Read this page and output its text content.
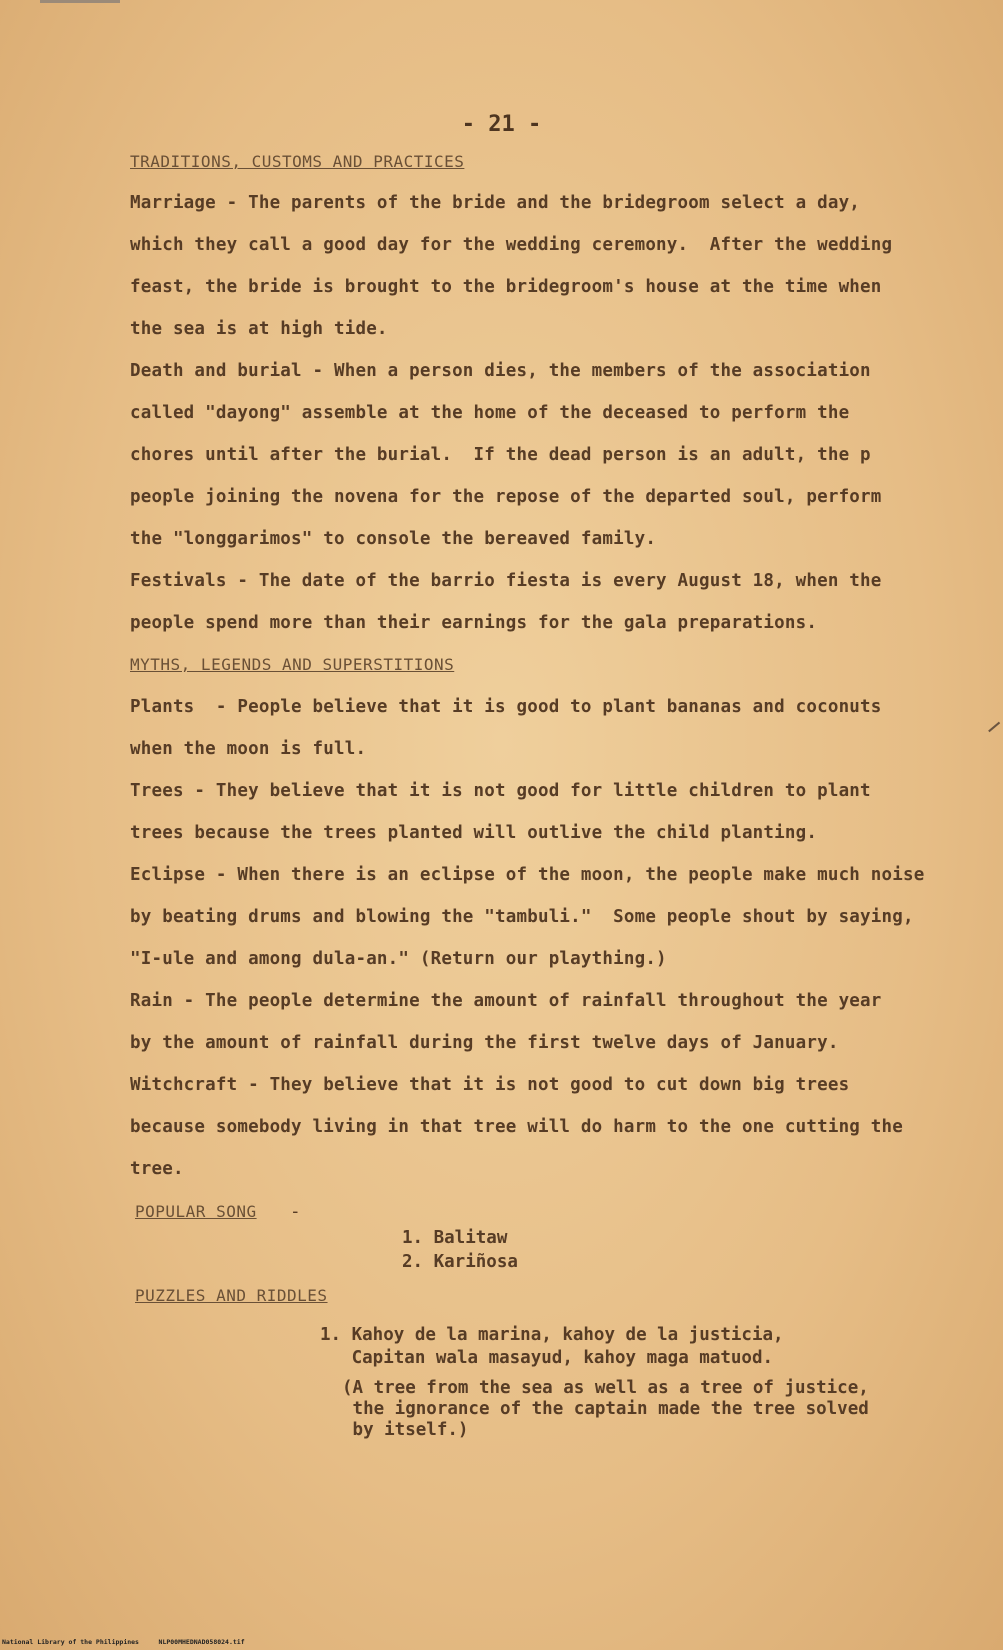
- 21 -
TRADITIONS, CUSTOMS AND PRACTICES
Marriage - The parents of the bride and the bridegroom select a day,
which they call a good day for the wedding ceremony.  After the wedding
feast, the bride is brought to the bridegroom's house at the time when
the sea is at high tide.
Death and burial - When a person dies, the members of the association
called "dayong" assemble at the home of the deceased to perform the
chores until after the burial.  If the dead person is an adult, the p
people joining the novena for the repose of the departed soul, perform
the "longgarimos" to console the bereaved family.
Festivals - The date of the barrio fiesta is every August 18, when the
people spend more than their earnings for the gala preparations.
MYTHS, LEGENDS AND SUPERSTITIONS
Plants  - People believe that it is good to plant bananas and coconuts
when the moon is full.
Trees - They believe that it is not good for little children to plant
trees because the trees planted will outlive the child planting.
Eclipse - When there is an eclipse of the moon, the people make much noise
by beating drums and blowing the "tambuli."  Some people shout by saying,
"I-ule and among dula-an." (Return our plaything.)
Rain - The people determine the amount of rainfall throughout the year
by the amount of rainfall during the first twelve days of January.
Witchcraft - They believe that it is not good to cut down big trees
because somebody living in that tree will do harm to the one cutting the
tree.
POPULAR SONG -
1. Balitaw
2. Kariñosa
PUZZLES AND RIDDLES
1. Kahoy de la marina, kahoy de la justicia,
Capitan wala masayud, kahoy maga matuod.
(A tree from the sea as well as a tree of justice,
the ignorance of the captain made the tree solved
by itself.)
National Library of the Philippines     NLP00MHEDNAD058024.tif
